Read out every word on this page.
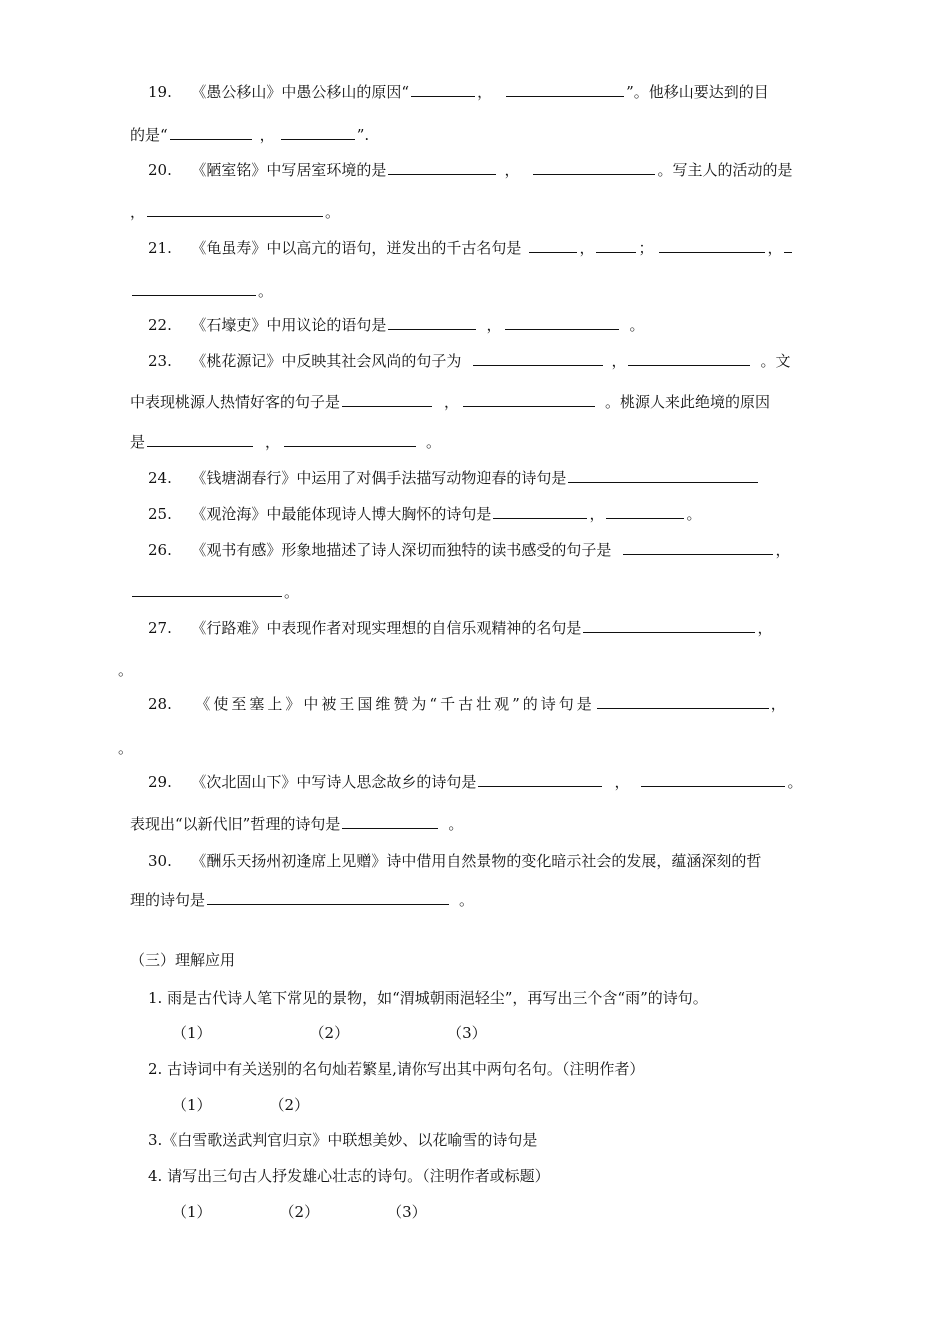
19. 《愚公移山》中愚公移山的原因“	，	”。他移山要达到的目
的是“	，	”.
20. 《陋室铭》中写居室环境的是	，	。写主人的活动的是
，	。
21. 《龟虽寿》中以高亢的语句，迸发出的千古名句是	，	；	，
。
22. 《石壕吏》中用议论的语句是	，	。
23. 《桃花源记》中反映其社会风尚的句子为	，	。文
中表现桃源人热情好客的句子是	，	。桃源人来此绝境的原因
是	，	。
24. 《钱塘湖春行》中运用了对偶手法描写动物迎春的诗句是
25. 《观沧海》中最能体现诗人博大胸怀的诗句是	，	。
26. 《观书有感》形象地描述了诗人深切而独特的读书感受的句子是	，
。
27. 《行路难》中表现作者对现实理想的自信乐观精神的名句是	，
。
28. 《使至塞上》中被王国维赞为“千古壮观”的诗句是	，
。
29. 《次北固山下》中写诗人思念故乡的诗句是	，	。
表现出“以新代旧”哲理的诗句是	。
30. 《酬乐天扬州初逢席上见赠》诗中借用自然景物的变化暗示社会的发展，蕴涵深刻的哲
理的诗句是	。
（三）理解应用
1. 雨是古代诗人笔下常见的景物，如“渭城朝雨浥轻尘”，再写出三个含“雨”的诗句。
（1）	（2）	（3）
2. 古诗词中有关送别的名句灿若繁星,请你写出其中两句名句。（注明作者）
（1）	（2）
3.《白雪歌送武判官归京》中联想美妙、以花喻雪的诗句是
4. 请写出三句古人抒发雄心壮志的诗句。（注明作者或标题）
（1）	（2）	（3）
